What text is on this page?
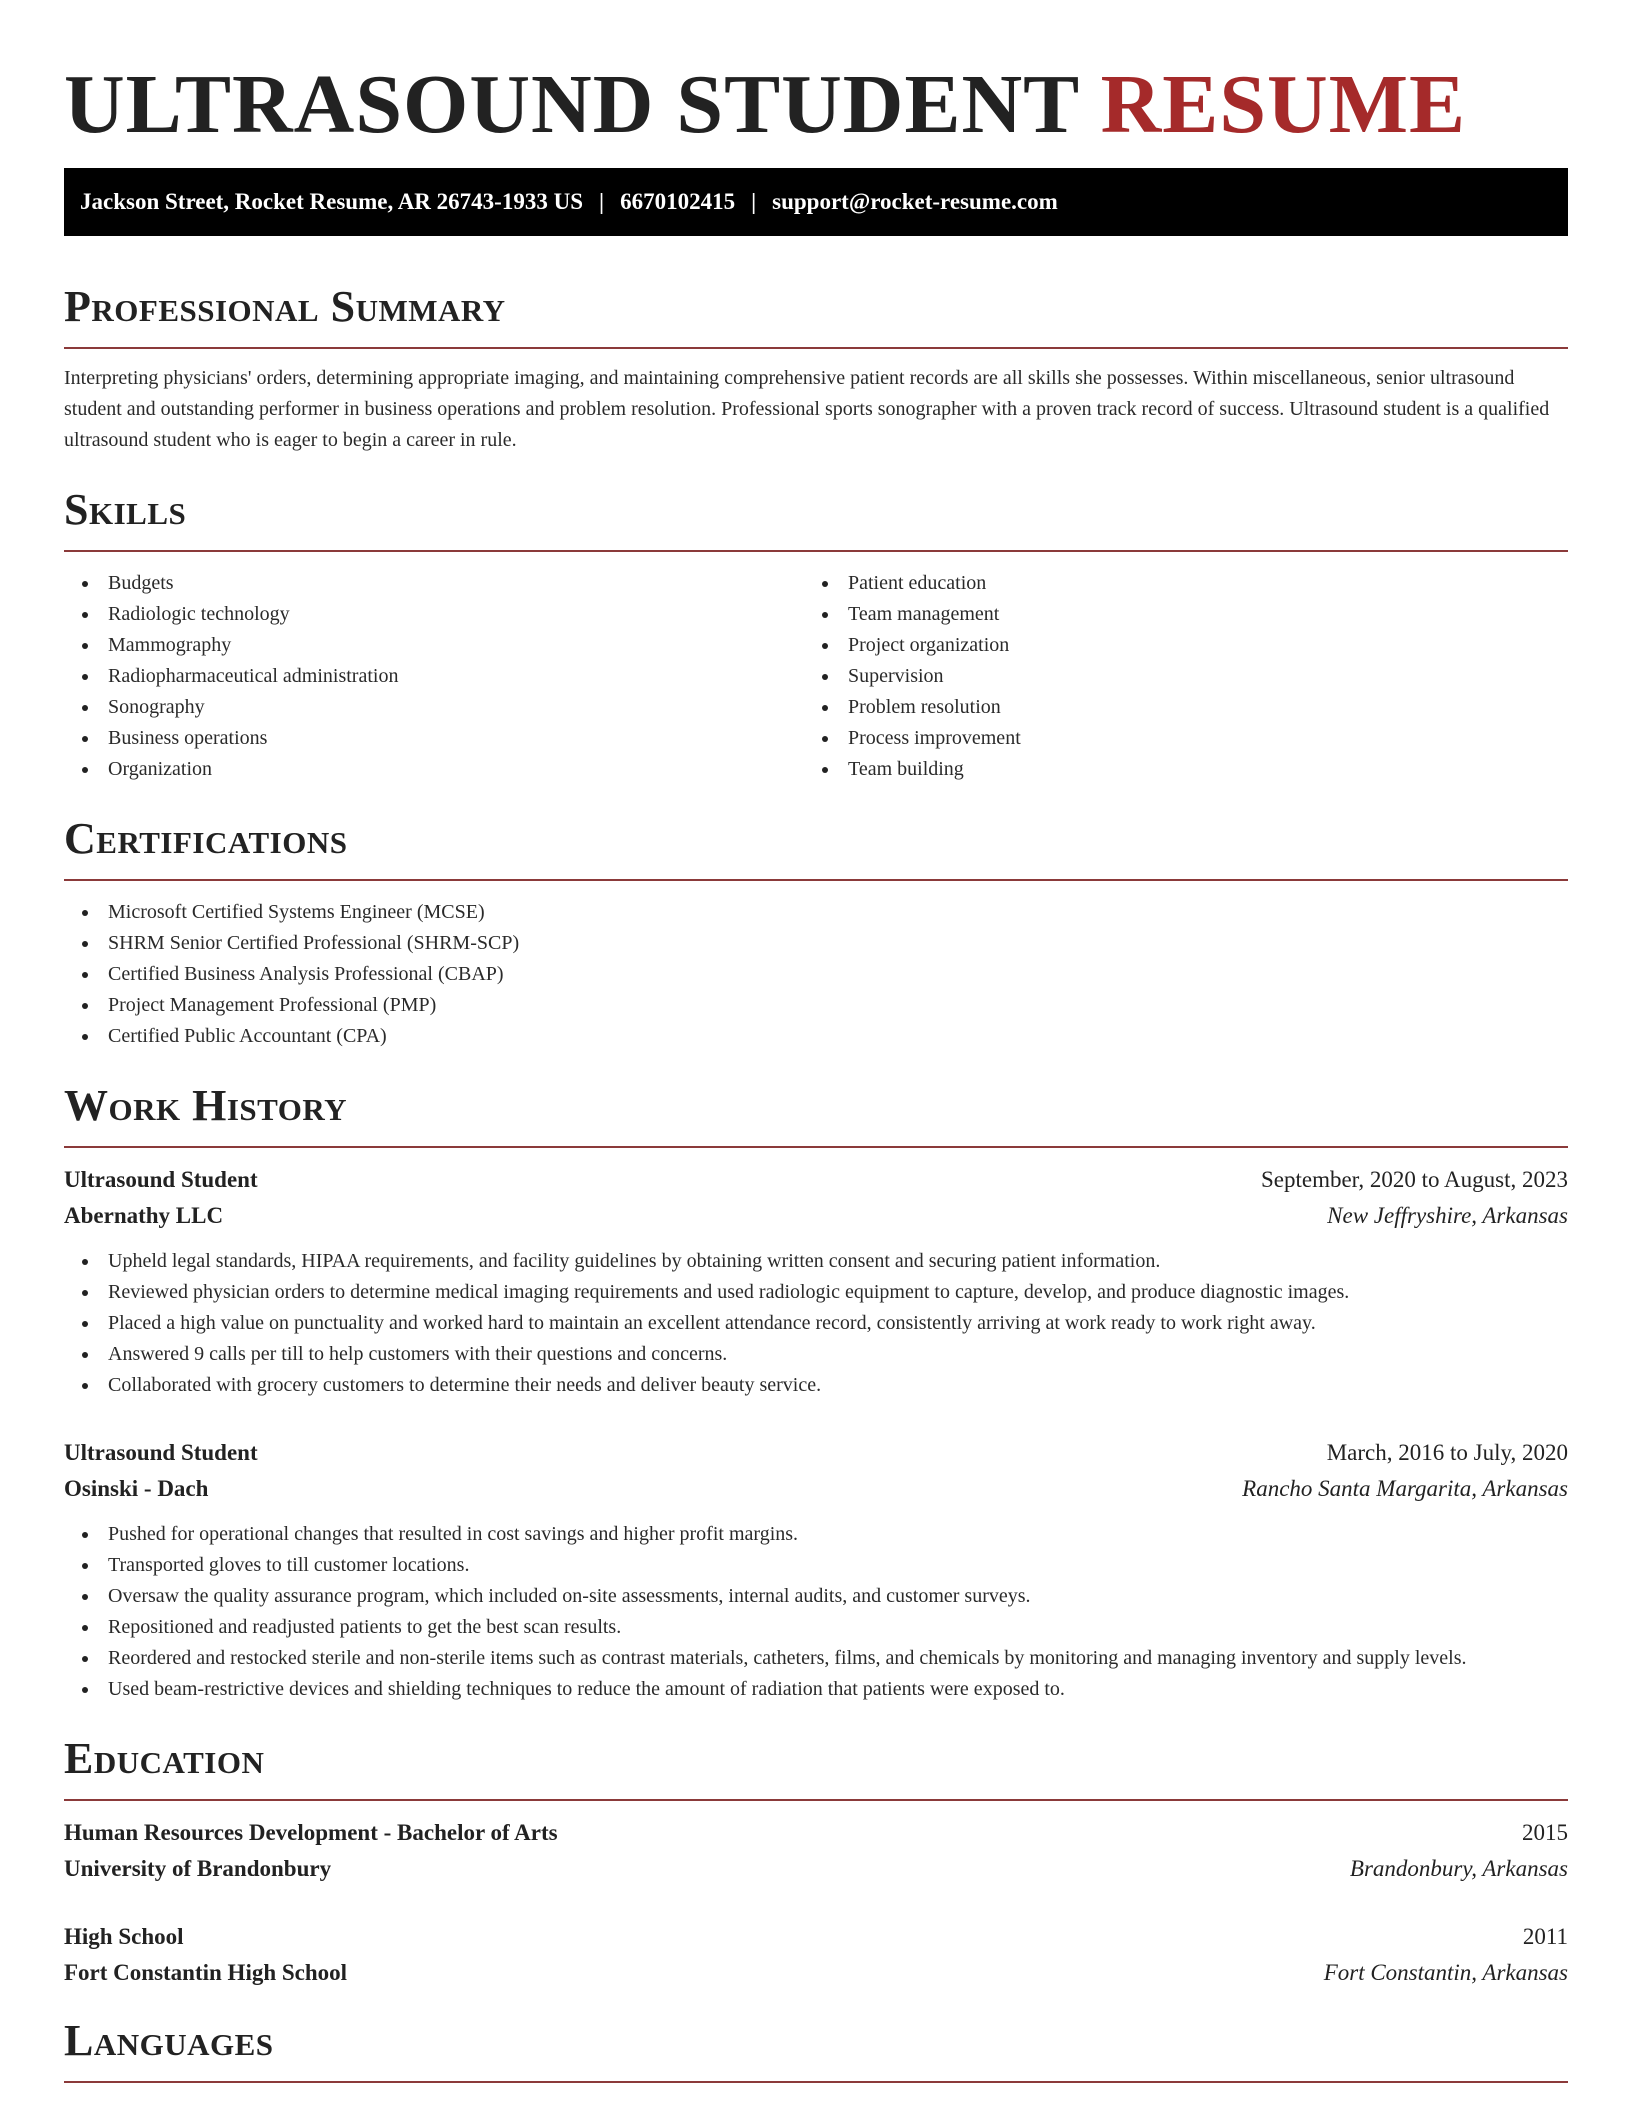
ULTRASOUND STUDENT RESUME
Jackson Street, Rocket Resume, AR 26743-1933 US | 6670102415 | support@rocket-resume.com
Professional Summary
Interpreting physicians' orders, determining appropriate imaging, and maintaining comprehensive patient records are all skills she possesses. Within miscellaneous, senior ultrasound student and outstanding performer in business operations and problem resolution. Professional sports sonographer with a proven track record of success. Ultrasound student is a qualified ultrasound student who is eager to begin a career in rule.
Skills
Budgets
Radiologic technology
Mammography
Radiopharmaceutical administration
Sonography
Business operations
Organization
Patient education
Team management
Project organization
Supervision
Problem resolution
Process improvement
Team building
Certifications
Microsoft Certified Systems Engineer (MCSE)
SHRM Senior Certified Professional (SHRM-SCP)
Certified Business Analysis Professional (CBAP)
Project Management Professional (PMP)
Certified Public Accountant (CPA)
Work History
Ultrasound Student	September, 2020 to August, 2023
Abernathy LLC	New Jeffryshire, Arkansas
Upheld legal standards, HIPAA requirements, and facility guidelines by obtaining written consent and securing patient information.
Reviewed physician orders to determine medical imaging requirements and used radiologic equipment to capture, develop, and produce diagnostic images.
Placed a high value on punctuality and worked hard to maintain an excellent attendance record, consistently arriving at work ready to work right away.
Answered 9 calls per till to help customers with their questions and concerns.
Collaborated with grocery customers to determine their needs and deliver beauty service.
Ultrasound Student	March, 2016 to July, 2020
Osinski - Dach	Rancho Santa Margarita, Arkansas
Pushed for operational changes that resulted in cost savings and higher profit margins.
Transported gloves to till customer locations.
Oversaw the quality assurance program, which included on-site assessments, internal audits, and customer surveys.
Repositioned and readjusted patients to get the best scan results.
Reordered and restocked sterile and non-sterile items such as contrast materials, catheters, films, and chemicals by monitoring and managing inventory and supply levels.
Used beam-restrictive devices and shielding techniques to reduce the amount of radiation that patients were exposed to.
Education
Human Resources Development - Bachelor of Arts	2015
University of Brandonbury	Brandonbury, Arkansas
High School	2011
Fort Constantin High School	Fort Constantin, Arkansas
Languages
